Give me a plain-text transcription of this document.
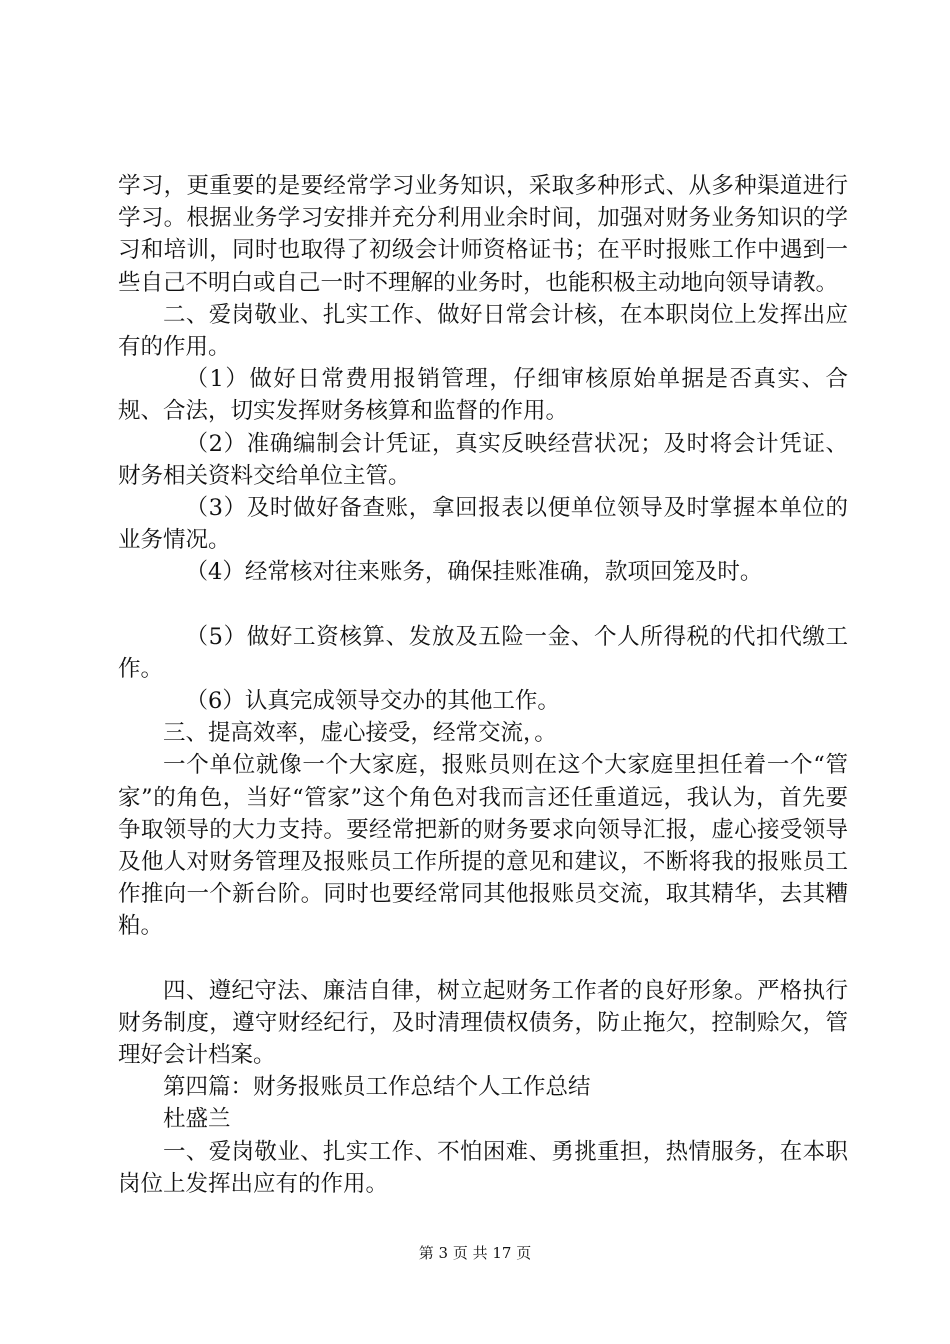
学习，更重要的是要经常学习业务知识，采取多种形式、从多种渠道进行学习。根据业务学习安排并充分利用业余时间，加强对财务业务知识的学习和培训，同时也取得了初级会计师资格证书；在平时报账工作中遇到一些自己不明白或自己一时不理解的业务时，也能积极主动地向领导请教。

二、爱岗敬业、扎实工作、做好日常会计核，在本职岗位上发挥出应有的作用。

（1）做好日常费用报销管理，仔细审核原始单据是否真实、合规、合法，切实发挥财务核算和监督的作用。

（2）准确编制会计凭证，真实反映经营状况；及时将会计凭证、财务相关资料交给单位主管。

（3）及时做好备查账，拿回报表以便单位领导及时掌握本单位的业务情况。

（4）经常核对往来账务，确保挂账准确，款项回笼及时。

（5）做好工资核算、发放及五险一金、个人所得税的代扣代缴工作。

（6）认真完成领导交办的其他工作。

三、提高效率，虚心接受，经常交流，。

一个单位就像一个大家庭，报账员则在这个大家庭里担任着一个“管家”的角色，当好“管家”这个角色对我而言还任重道远，我认为，首先要争取领导的大力支持。要经常把新的财务要求向领导汇报，虚心接受领导及他人对财务管理及报账员工作所提的意见和建议，不断将我的报账员工作推向一个新台阶。同时也要经常同其他报账员交流，取其精华，去其糟粕。

四、遵纪守法、廉洁自律，树立起财务工作者的良好形象。严格执行财务制度，遵守财经纪行，及时清理债权债务，防止拖欠，控制赊欠，管理好会计档案。

第四篇：财务报账员工作总结个人工作总结

杜盛兰

一、爱岗敬业、扎实工作、不怕困难、勇挑重担，热情服务，在本职岗位上发挥出应有的作用。

第 3 页 共 17 页
